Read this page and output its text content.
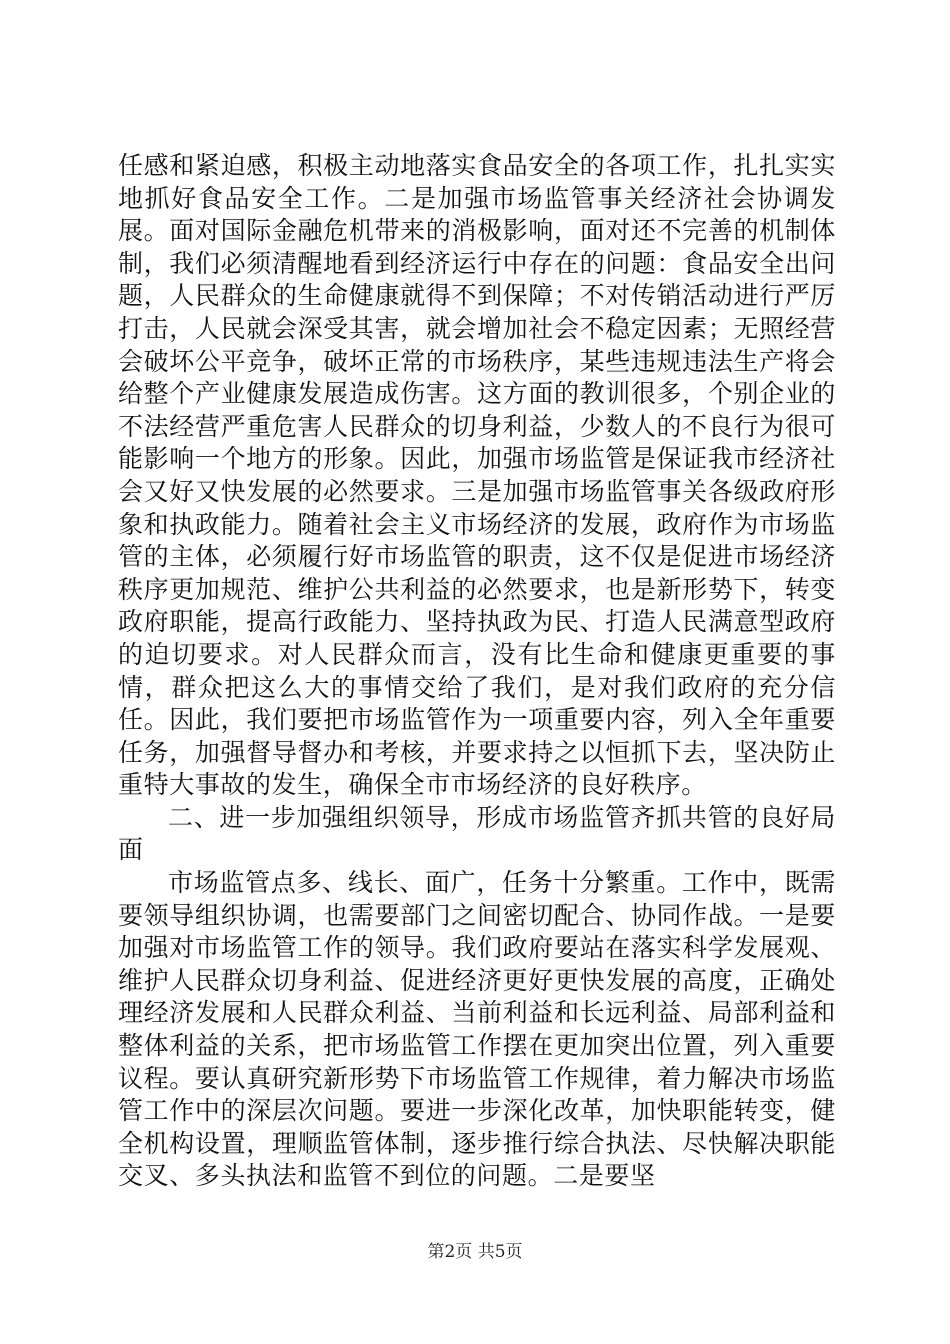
任感和紧迫感，积极主动地落实食品安全的各项工作，扎扎实实地抓好食品安全工作。二是加强市场监管事关经济社会协调发展。面对国际金融危机带来的消极影响，面对还不完善的机制体制，我们必须清醒地看到经济运行中存在的问题：食品安全出问题，人民群众的生命健康就得不到保障；不对传销活动进行严厉打击，人民就会深受其害，就会增加社会不稳定因素；无照经营会破坏公平竞争，破坏正常的市场秩序，某些违规违法生产将会给整个产业健康发展造成伤害。这方面的教训很多，个别企业的不法经营严重危害人民群众的切身利益，少数人的不良行为很可能影响一个地方的形象。因此，加强市场监管是保证我市经济社会又好又快发展的必然要求。三是加强市场监管事关各级政府形象和执政能力。随着社会主义市场经济的发展，政府作为市场监管的主体，必须履行好市场监管的职责，这不仅是促进市场经济秩序更加规范、维护公共利益的必然要求，也是新形势下，转变政府职能，提高行政能力、坚持执政为民、打造人民满意型政府的迫切要求。对人民群众而言，没有比生命和健康更重要的事情，群众把这么大的事情交给了我们，是对我们政府的充分信任。因此，我们要把市场监管作为一项重要内容，列入全年重要任务，加强督导督办和考核，并要求持之以恒抓下去，坚决防止重特大事故的发生，确保全市市场经济的良好秩序。

二、进一步加强组织领导，形成市场监管齐抓共管的良好局面

市场监管点多、线长、面广，任务十分繁重。工作中，既需要领导组织协调，也需要部门之间密切配合、协同作战。一是要加强对市场监管工作的领导。我们政府要站在落实科学发展观、维护人民群众切身利益、促进经济更好更快发展的高度，正确处理经济发展和人民群众利益、当前利益和长远利益、局部利益和整体利益的关系，把市场监管工作摆在更加突出位置，列入重要议程。要认真研究新形势下市场监管工作规律，着力解决市场监管工作中的深层次问题。要进一步深化改革，加快职能转变，健全机构设置，理顺监管体制，逐步推行综合执法、尽快解决职能交叉、多头执法和监管不到位的问题。二是要坚

第2页 共5页
